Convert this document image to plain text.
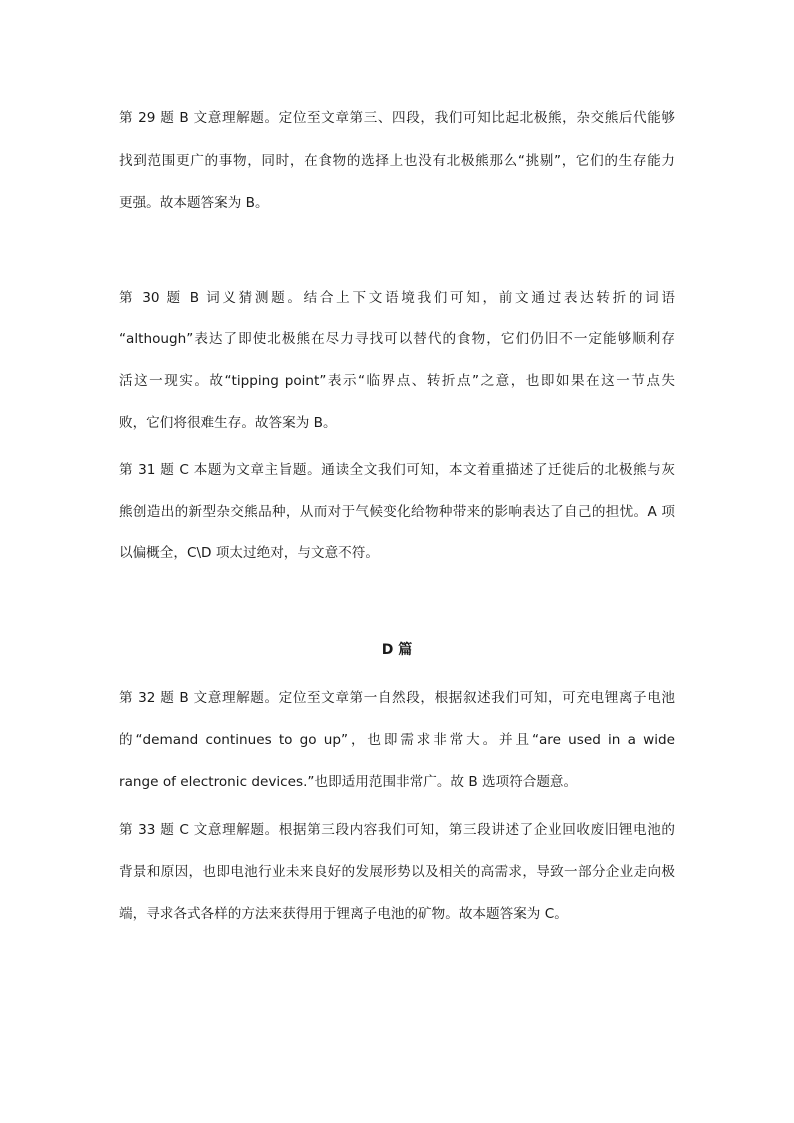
第 29 题 B 文意理解题。定位至文章第三、四段，我们可知比起北极熊，杂交熊后代能够

找到范围更广的事物，同时，在食物的选择上也没有北极熊那么“挑剔”，它们的生存能力

更强。故本题答案为 B。

第 30 题 B 词义猜测题。结合上下文语境我们可知，前文通过表达转折的词语

“although”表达了即使北极熊在尽力寻找可以替代的食物，它们仍旧不一定能够顺利存

活这一现实。故“tipping point”表示“临界点、转折点”之意，也即如果在这一节点失

败，它们将很难生存。故答案为 B。

第 31 题 C 本题为文章主旨题。通读全文我们可知，本文着重描述了迁徙后的北极熊与灰

熊创造出的新型杂交熊品种，从而对于气候变化给物种带来的影响表达了自己的担忧。A 项

以偏概全，C\D 项太过绝对，与文意不符。

D 篇

第 32 题 B 文意理解题。定位至文章第一自然段，根据叙述我们可知，可充电锂离子电池

的“demand continues to go up”，也即需求非常大。并且“are used in a wide

range of electronic devices.”也即适用范围非常广。故 B 选项符合题意。

第 33 题 C 文意理解题。根据第三段内容我们可知，第三段讲述了企业回收废旧锂电池的

背景和原因，也即电池行业未来良好的发展形势以及相关的高需求，导致一部分企业走向极

端，寻求各式各样的方法来获得用于锂离子电池的矿物。故本题答案为 C。
